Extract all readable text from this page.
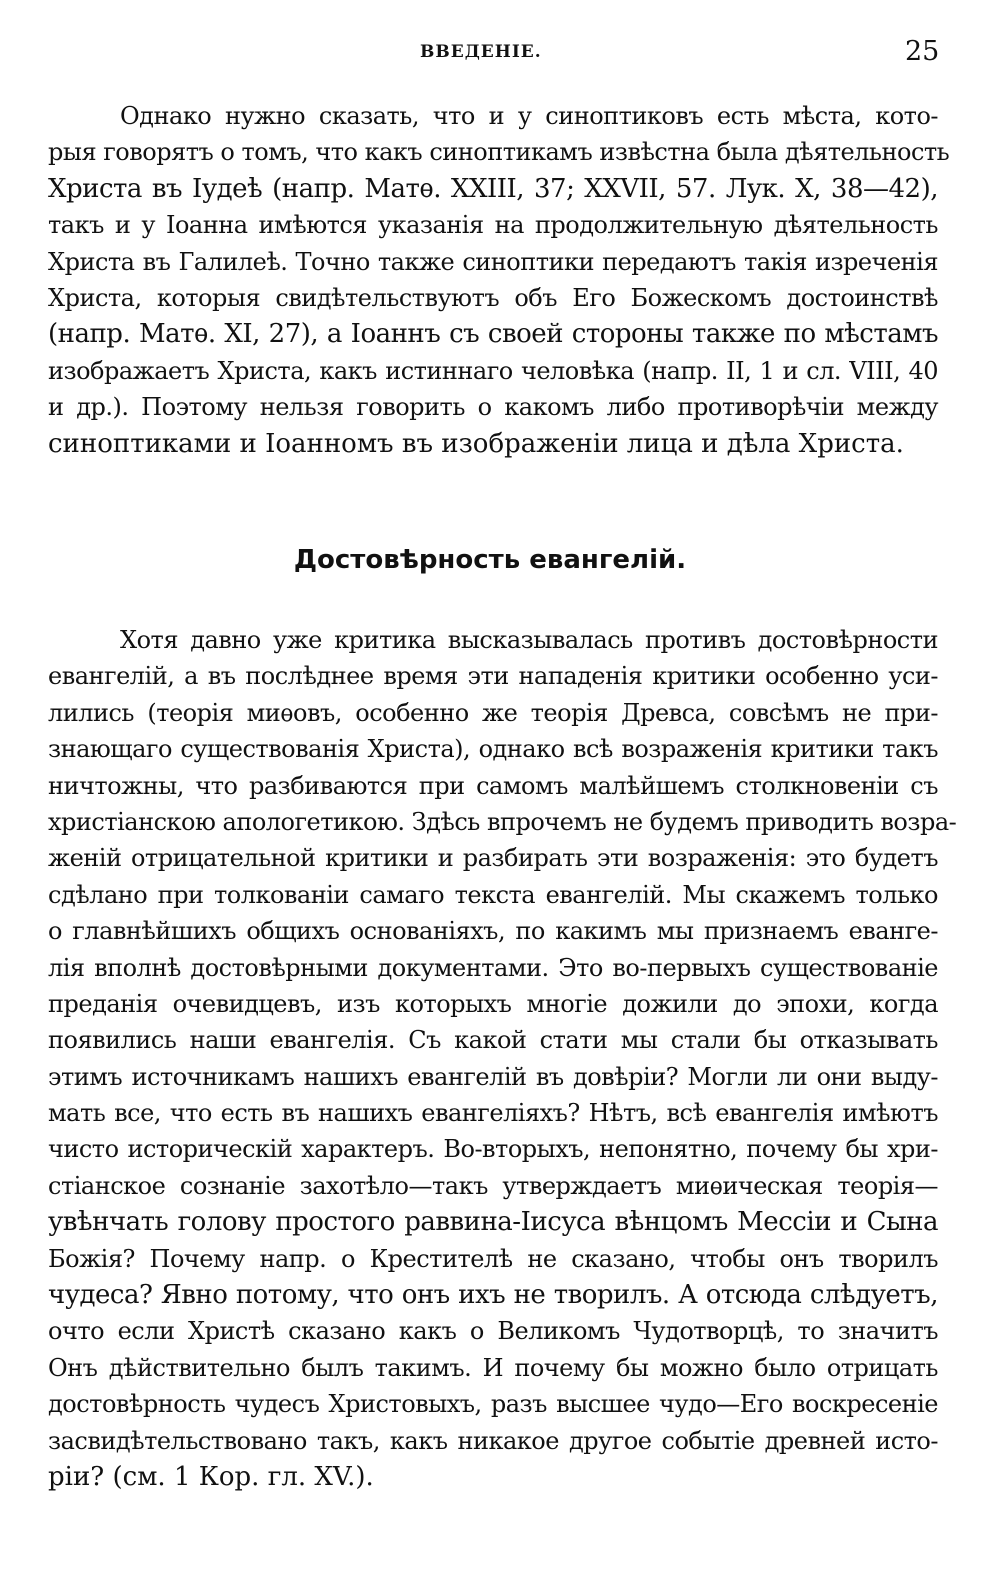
ВВЕДЕНІЕ.	25
Однако нужно сказать, что и у синоптиковъ есть мѣста, кото-
рыя говорятъ о томъ, что какъ синоптикамъ извѣстна была дѣятельность
Христа въ Іудеѣ (напр. Матѳ. XXIII, 37; XXVII, 57. Лук. X, 38—42),
такъ и у Іоанна имѣются указанія на продолжительную дѣятельность
Христа въ Галилеѣ. Точно также синоптики передаютъ такія изреченія
Христа, которыя свидѣтельствуютъ объ Его Божескомъ достоинствѣ
(напр. Матѳ. XI, 27), а Іоаннъ съ своей стороны также по мѣстамъ
изображаетъ Христа, какъ истиннаго человѣка (напр. II, 1 и сл. VIII, 40
и др.). Поэтому нельзя говорить о какомъ либо противорѣчіи между
синоптиками и Іоанномъ въ изображеніи лица и дѣла Христа.
Достовѣрность евангелій.
Хотя давно уже критика высказывалась противъ достовѣрности
евангелій, а въ послѣднее время эти нападенія критики особенно уси-
лились (теорія миѳовъ, особенно же теорія Древса, совсѣмъ не при-
знающаго существованія Христа), однако всѣ возраженія критики такъ
ничтожны, что разбиваются при самомъ малѣйшемъ столкновеніи съ
христіанскою апологетикою. Здѣсь впрочемъ не будемъ приводить возра-
женій отрицательной критики и разбирать эти возраженія: это будетъ
сдѣлано при толкованіи самаго текста евангелій. Мы скажемъ только
о главнѣйшихъ общихъ основаніяхъ, по какимъ мы признаемъ еванге-
лія вполнѣ достовѣрными документами. Это во-первыхъ существованіе
преданія очевидцевъ, изъ которыхъ многіе дожили до эпохи, когда
появились наши евангелія. Съ какой стати мы стали бы отказывать
этимъ источникамъ нашихъ евангелій въ довѣріи? Могли ли они выду-
мать все, что есть въ нашихъ евангеліяхъ? Нѣтъ, всѣ евангелія имѣютъ
чисто историческій характеръ. Во-вторыхъ, непонятно, почему бы хри-
стіанское сознаніе захотѣло—такъ утверждаетъ миѳическая теорія—
увѣнчать голову простого раввина-Іисуса вѣнцомъ Мессіи и Сына
Божія? Почему напр. о Крестителѣ не сказано, чтобы онъ творилъ
чудеса? Явно потому, что онъ ихъ не творилъ. А отсюда слѣдуетъ,
очто если Христѣ сказано какъ о Великомъ Чудотворцѣ, то значитъ
Онъ дѣйствительно былъ такимъ. И почему бы можно было отрицать
достовѣрность чудесъ Христовыхъ, разъ высшее чудо—Его воскресеніе
засвидѣтельствовано такъ, какъ никакое другое событіе древней исто-
ріи? (см. 1 Кор. гл. XV.).
